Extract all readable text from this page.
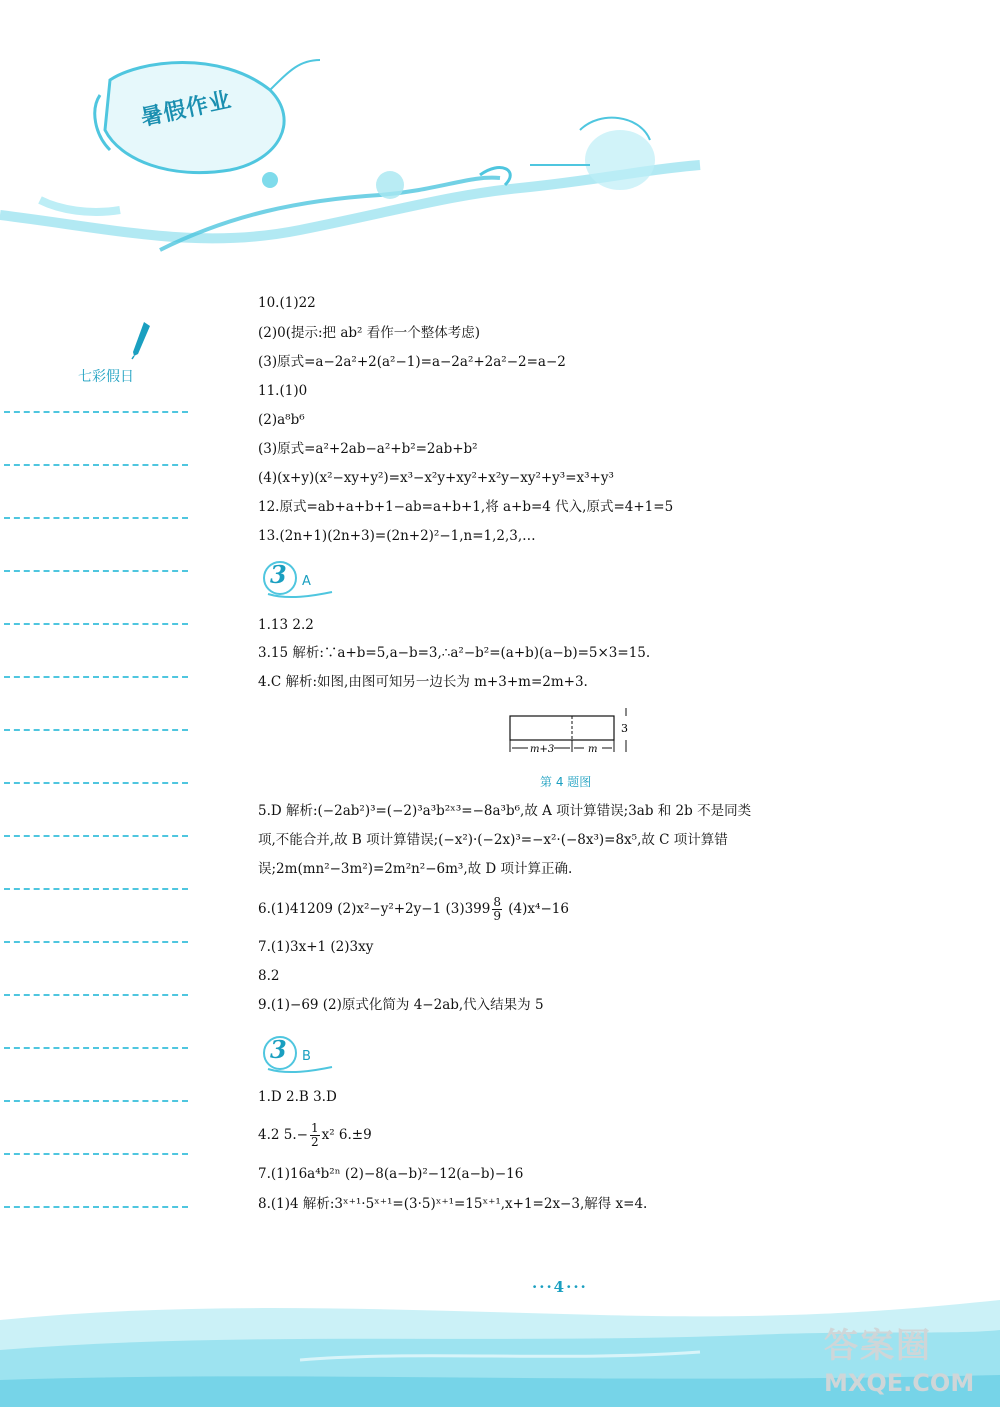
暑假作业
七彩假日
10.(1)22
(2)0(提示:把 ab² 看作一个整体考虑)
(3)原式=a−2a²+2(a²−1)=a−2a²+2a²−2=a−2
11.(1)0
(2)a⁸b⁶
(3)原式=a²+2ab−a²+b²=2ab+b²
(4)(x+y)(x²−xy+y²)=x³−x²y+xy²+x²y−xy²+y³=x³+y³
12.原式=ab+a+b+1−ab=a+b+1,将 a+b=4 代入,原式=4+1=5
13.(2n+1)(2n+3)=(2n+2)²−1,n=1,2,3,…
3 A
1.13 2.2
3.15 解析:∵a+b=5,a−b=3,∴a²−b²=(a+b)(a−b)=5×3=15.
4.C 解析:如图,由图可知另一边长为 m+3+m=2m+3.
m+3	m
3
第 4 题图
5.D 解析:(−2ab²)³=(−2)³a³b²ˣ³=−8a³b⁶,故 A 项计算错误;3ab 和 2b 不是同类
项,不能合并,故 B 项计算错误;(−x²)·(−2x)³=−x²·(−8x³)=8x⁵,故 C 项计算错
误;2m(mn²−3m²)=2m²n²−6m³,故 D 项计算正确.
6.(1)41209 (2)x²−y²+2y−1 $(3)399 \frac{8}{9} (4)x^4-16$
7.(1)3x+1 (2)3xy
8.2
9.(1)−69 (2)原式化简为 4−2ab,代入结果为 5
3 B
1.D 2.B 3.D
4.2 $5.- \frac{1}{2} x^2$ 6.±9
7.(1)16a⁴b²ⁿ (2)−8(a−b)²−12(a−b)−16
8.(1)4 解析:3ˣ⁺¹·5ˣ⁺¹=(3·5)ˣ⁺¹=15ˣ⁺¹,x+1=2x−3,解得 x=4.
···4···
答案圈
MXQE.COM
